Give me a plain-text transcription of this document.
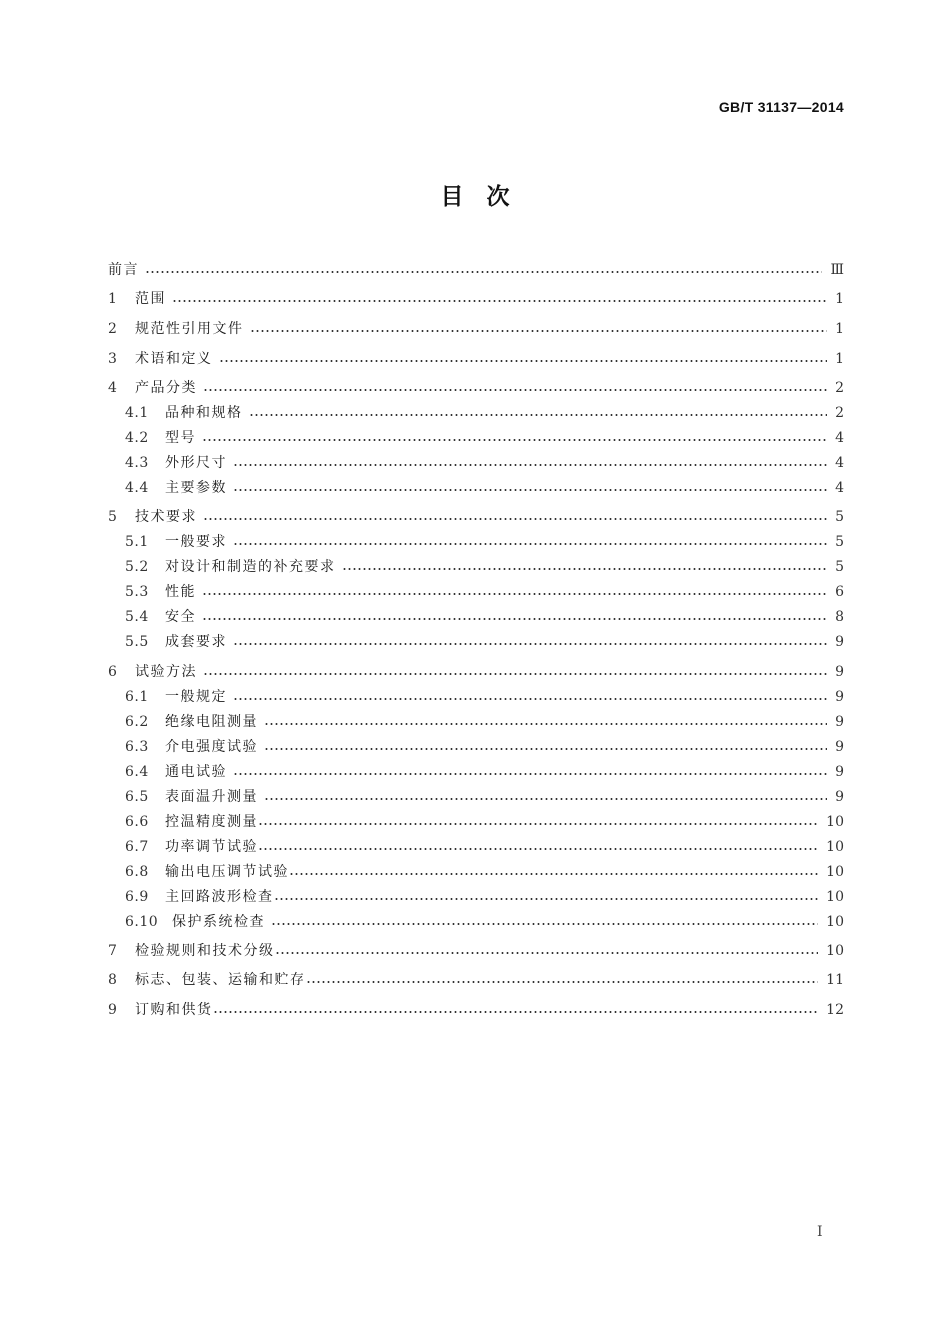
GB/T 31137—2014
目　次
前言	Ⅲ
1	范围	1
2	规范性引用文件	1
3	术语和定义	1
4	产品分类	2
4.1	品种和规格	2
4.2	型号	4
4.3	外形尺寸	4
4.4	主要参数	4
5	技术要求	5
5.1	一般要求	5
5.2	对设计和制造的补充要求	5
5.3	性能	6
5.4	安全	8
5.5	成套要求	9
6	试验方法	9
6.1	一般规定	9
6.2	绝缘电阻测量	9
6.3	介电强度试验	9
6.4	通电试验	9
6.5	表面温升测量	9
6.6	控温精度测量	10
6.7	功率调节试验	10
6.8	输出电压调节试验	10
6.9	主回路波形检查	10
6.10 保护系统检查	10
7	检验规则和技术分级	10
8	标志、包装、运输和贮存	11
9	订购和供货	12
Ⅰ
